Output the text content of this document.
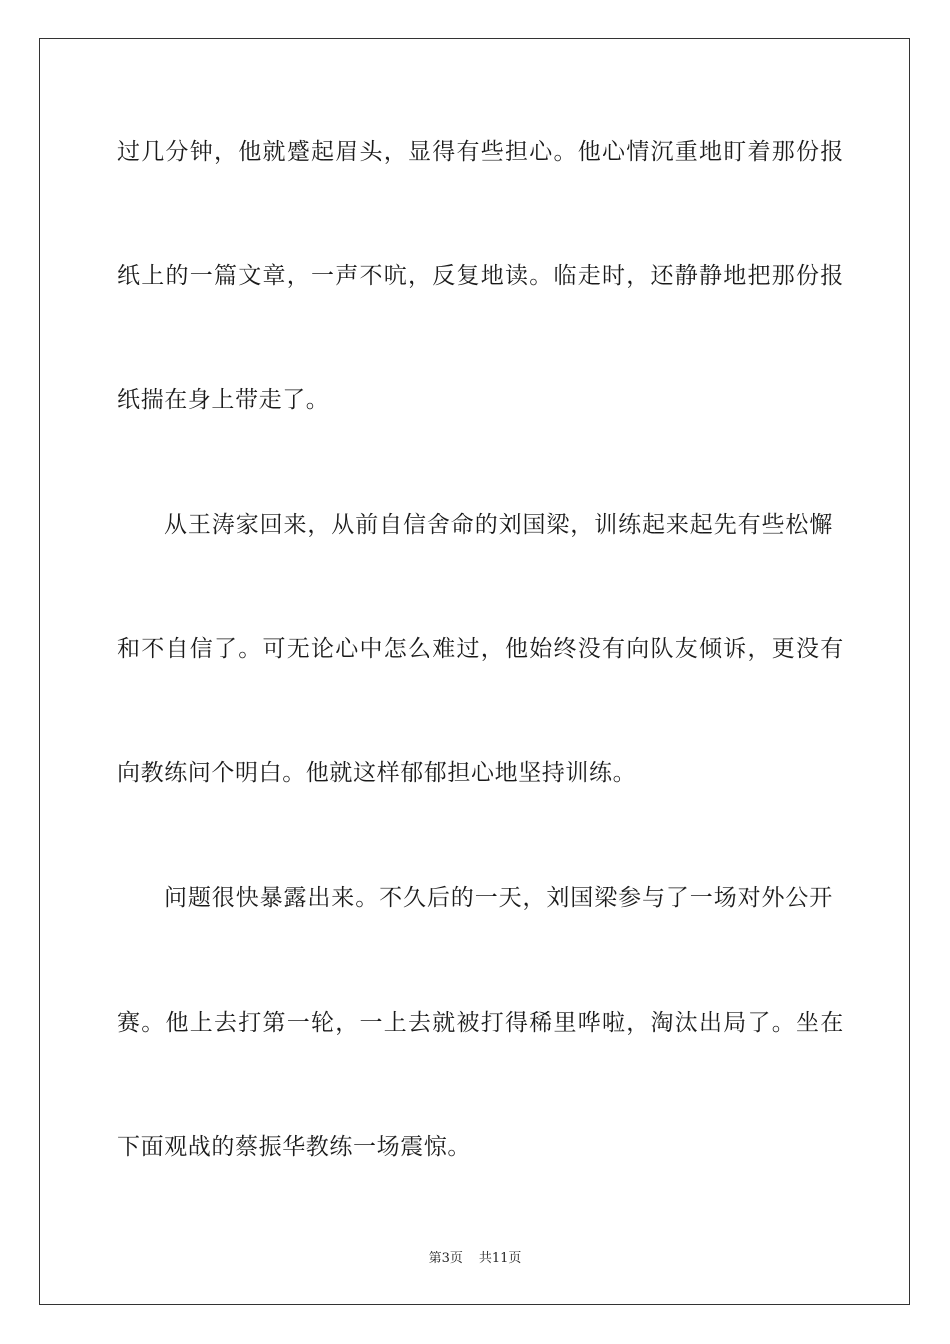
过几分钟，他就蹙起眉头，显得有些担心。他心情沉重地盯着那份报
纸上的一篇文章，一声不吭，反复地读。临走时，还静静地把那份报
纸揣在身上带走了。
从王涛家回来，从前自信舍命的刘国梁，训练起来起先有些松懈
和不自信了。可无论心中怎么难过，他始终没有向队友倾诉，更没有
向教练问个明白。他就这样郁郁担心地坚持训练。
问题很快暴露出来。不久后的一天，刘国梁参与了一场对外公开
赛。他上去打第一轮，一上去就被打得稀里哗啦，淘汰出局了。坐在
下面观战的蔡振华教练一场震惊。
第3页 共11页
